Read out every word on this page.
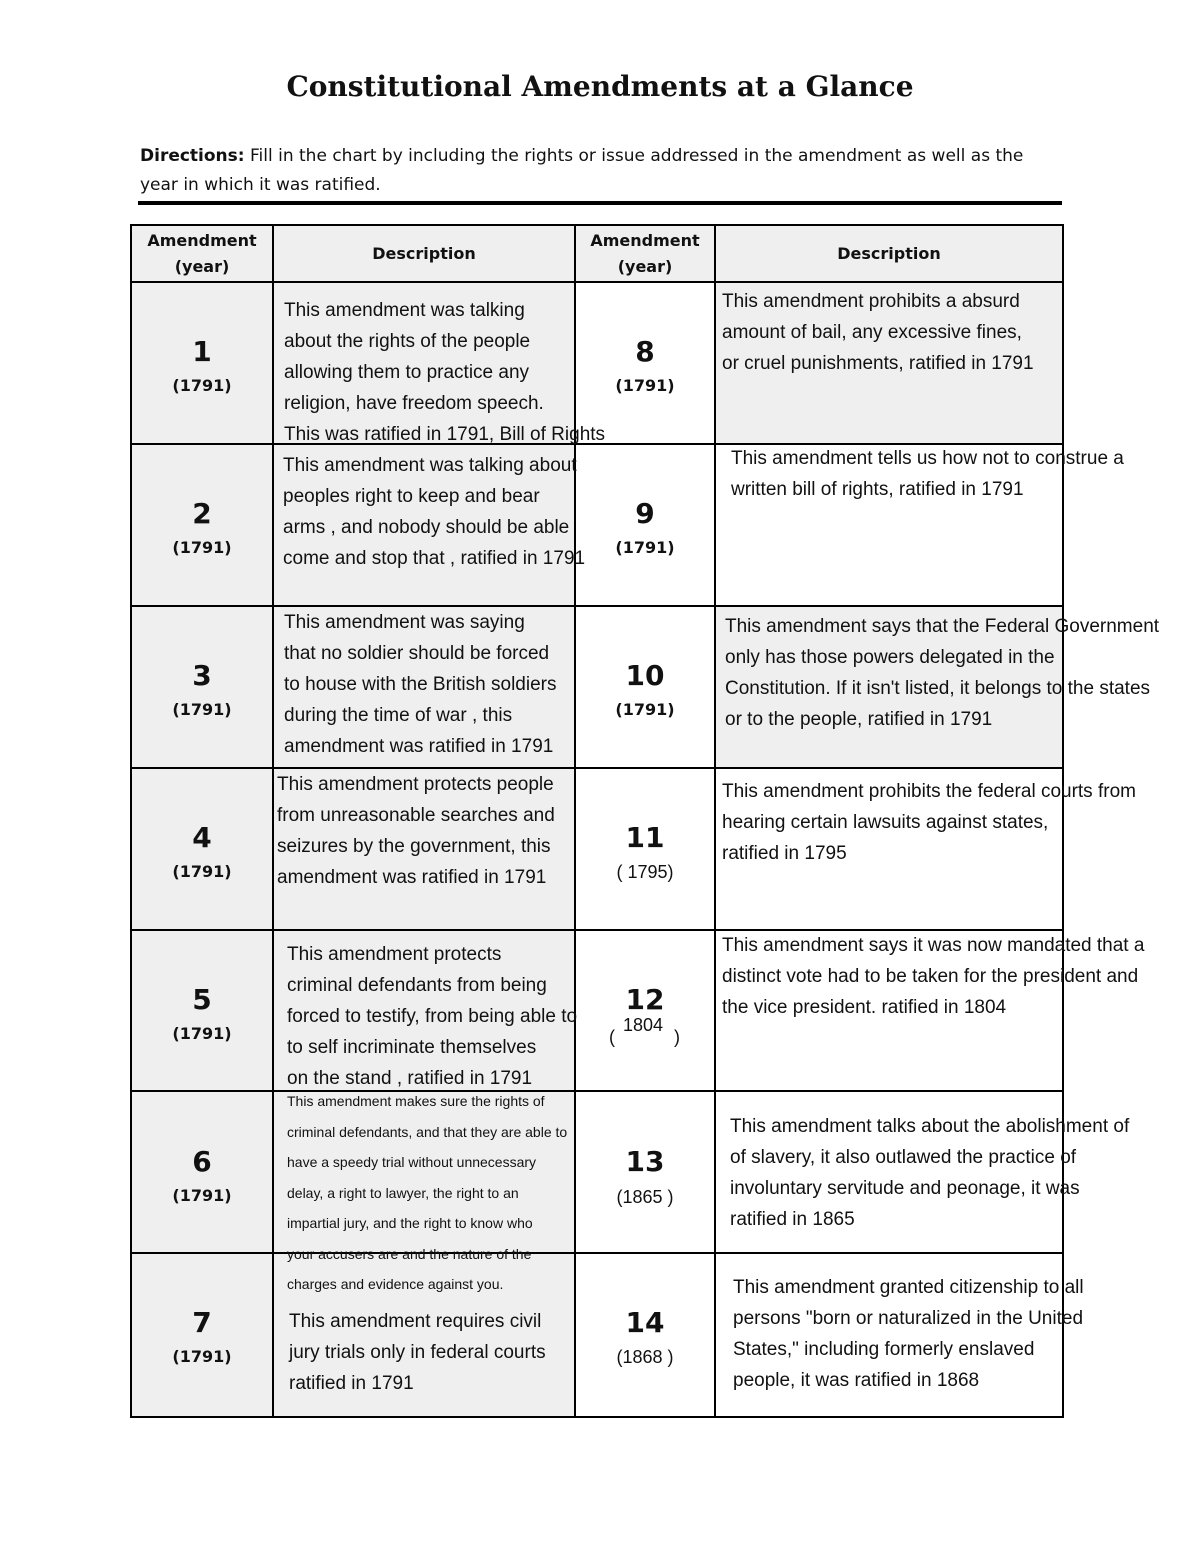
Constitutional Amendments at a Glance
Directions: Fill in the chart by including the rights or issue addressed in the amendment as well as the year in which it was ratified.
Amendment
(year)
Description
Amendment
(year)
Description
1
(1791)
This amendment was talking
about the rights of the people
allowing them to practice any
religion, have freedom speech.
This was ratified in 1791, Bill of Rights
2
(1791)
This amendment was talking about
peoples right to keep and bear
arms , and nobody should be able
come and stop that , ratified in 1791
3
(1791)
This amendment was saying
that no soldier should be forced
to house with the British soldiers
during the time of war , this
amendment was ratified in 1791
4
(1791)
This amendment protects people
from unreasonable searches and
seizures by the government, this
amendment was ratified in 1791
5
(1791)
This amendment protects
criminal defendants from being
forced to testify, from being able to
to self incriminate themselves
on the stand , ratified in 1791
6
(1791)
This amendment makes sure the rights of
criminal defendants, and that they are able to
have a speedy trial without unnecessary
delay, a right to lawyer, the right to an
impartial jury, and the right to know who
your accusers are and the nature of the
charges and evidence against you.
7
(1791)
This amendment requires civil
jury trials only in federal courts
ratified in 1791
8
(1791)
This amendment prohibits a absurd
amount of bail, any excessive fines,
or cruel punishments, ratified in 1791
9
(1791)
This amendment tells us how not to construe a
written bill of rights, ratified in 1791
10
(1791)
This amendment says that the Federal Government
only has those powers delegated in the
Constitution. If it isn't listed, it belongs to the states
or to the people, ratified in 1791
11
( 1795)
This amendment prohibits the federal courts from
hearing certain lawsuits against states,
ratified in 1795
12
(
1804
)
This amendment says it was now mandated that a
distinct vote had to be taken for the president and
the vice president. ratified in 1804
13
(1865 )
This amendment talks about the abolishment of
of slavery, it also outlawed the practice of
involuntary servitude and peonage, it was
ratified in 1865
14
(1868 )
This amendment granted citizenship to all
persons "born or naturalized in the United
States," including formerly enslaved
people, it was ratified in 1868
